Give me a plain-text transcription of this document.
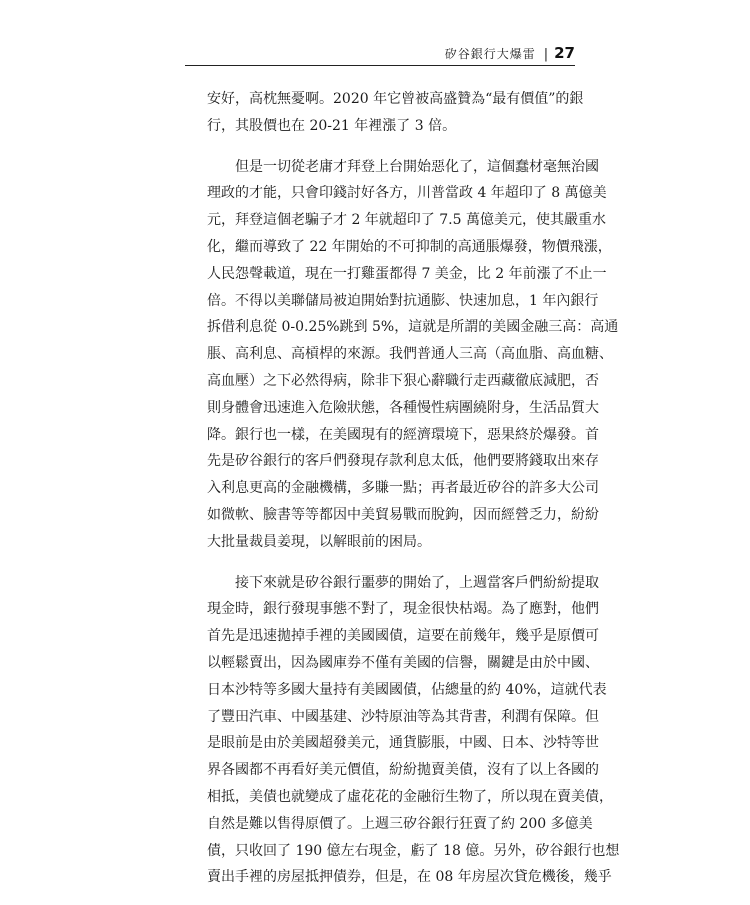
矽谷銀行大爆雷 | 27
安好，高枕無憂啊。2020 年它曾被高盛贊為“最有價值”的銀
行，其股價也在 20-21 年裡漲了 3 倍。
但是一切從老庸才拜登上台開始惡化了，這個蠢材毫無治國
理政的才能，只會印錢討好各方，川普當政 4 年超印了 8 萬億美
元，拜登這個老騙子才 2 年就超印了 7.5 萬億美元，使其嚴重水
化，繼而導致了 22 年開始的不可抑制的高通脹爆發，物價飛漲，
人民怨聲載道，現在一打雞蛋都得 7 美金，比 2 年前漲了不止一
倍。不得以美聯儲局被迫開始對抗通膨、快速加息，1 年內銀行
拆借利息從 0-0.25%跳到 5%，這就是所謂的美國金融三高：高通
脹、高利息、高槓桿的來源。我們普通人三高（高血脂、高血糖、
高血壓）之下必然得病，除非下狠心辭職行走西藏徹底減肥，否
則身體會迅速進入危險狀態，各種慢性病團繞附身，生活品質大
降。銀行也一樣，在美國現有的經濟環境下，惡果終於爆發。首
先是矽谷銀行的客戶們發現存款利息太低，他們要將錢取出來存
入利息更高的金融機構，多賺一點；再者最近矽谷的許多大公司
如微軟、臉書等等都因中美貿易戰而脫鉤，因而經營乏力，紛紛
大批量裁員姜現，以解眼前的困局。
接下來就是矽谷銀行噩夢的開始了，上週當客戶們紛紛提取
現金時，銀行發現事態不對了，現金很快枯竭。為了應對，他們
首先是迅速拋掉手裡的美國國債，這要在前幾年，幾乎是原價可
以輕鬆賣出，因為國庫券不僅有美國的信譽，關鍵是由於中國、
日本沙特等多國大量持有美國國債，佔總量的約 40%，這就代表
了豐田汽車、中國基建、沙特原油等為其背書，利潤有保障。但
是眼前是由於美國超發美元，通貨膨脹，中國、日本、沙特等世
界各國都不再看好美元價值，紛紛拋賣美債，沒有了以上各國的
相抵，美債也就變成了虛花花的金融衍生物了，所以現在賣美債，
自然是難以售得原價了。上週三矽谷銀行狂賣了約 200 多億美
債，只收回了 190 億左右現金，虧了 18 億。另外，矽谷銀行也想
賣出手裡的房屋抵押債券，但是，在 08 年房屋次貸危機後，幾乎
